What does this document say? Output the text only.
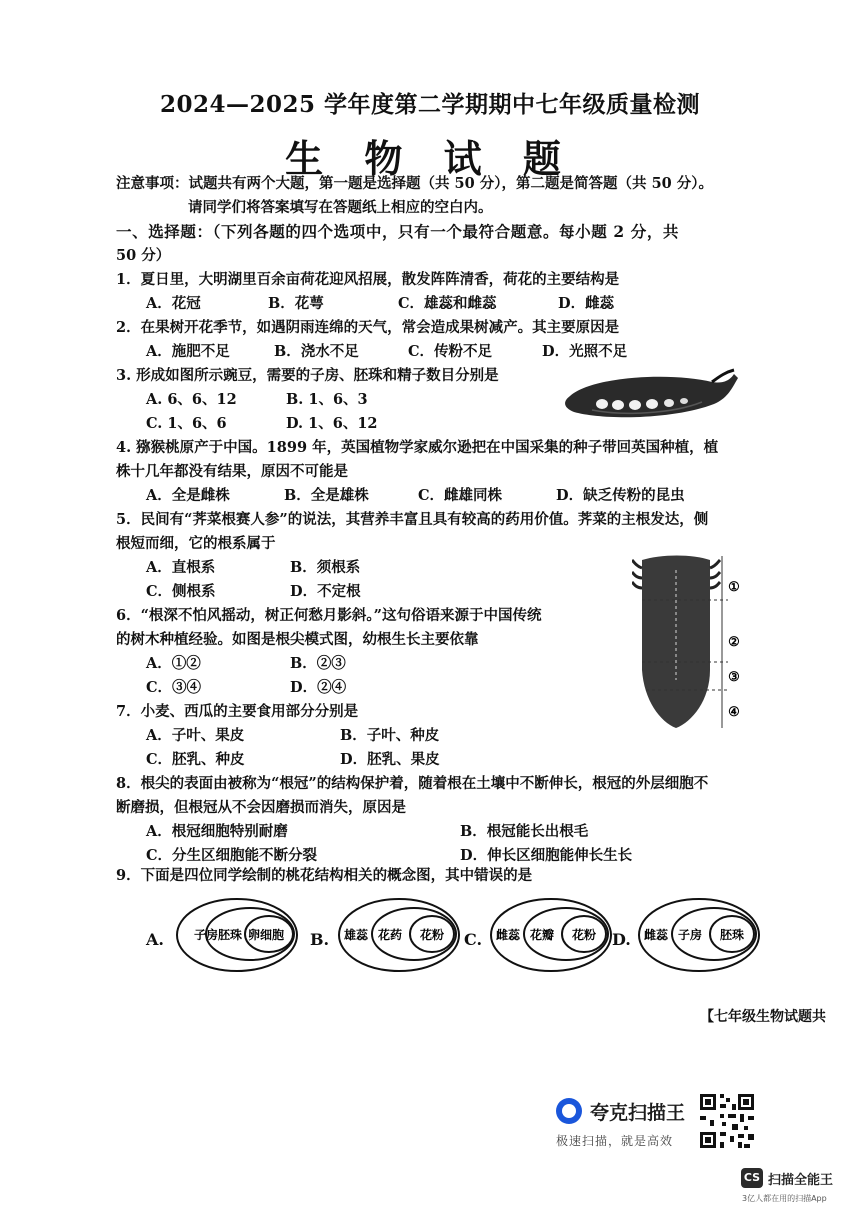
2024—2025 学年度第二学期期中七年级质量检测
生 物 试 题
注意事项：试题共有两个大题，第一题是选择题（共 50 分），第二题是简答题（共 50 分）。
请同学们将答案填写在答题纸上相应的空白内。
一、选择题：（下列各题的四个选项中，只有一个最符合题意。每小题 2 分，共
50 分）
1．夏日里，大明湖里百余亩荷花迎风招展，散发阵阵清香，荷花的主要结构是
A．花冠	B．花萼	C．雄蕊和雌蕊	D．雌蕊
2．在果树开花季节，如遇阴雨连绵的天气，常会造成果树减产。其主要原因是
A．施肥不足	B．浇水不足	C．传粉不足	D．光照不足
3. 形成如图所示豌豆，需要的子房、胚珠和精子数目分别是
A. 6、6、12	B. 1、6、3
C. 1、6、6	D. 1、6、12
4. 猕猴桃原产于中国。1899 年，英国植物学家威尔逊把在中国采集的种子带回英国种植，植
株十几年都没有结果，原因不可能是
A．全是雌株	B．全是雄株	C．雌雄同株	D．缺乏传粉的昆虫
5．民间有“荠菜根赛人参”的说法，其营养丰富且具有较高的药用价值。荠菜的主根发达，侧
根短而细，它的根系属于
A．直根系	B．须根系
C．侧根系	D．不定根	①
②
③
④
6．“根深不怕风摇动，树正何愁月影斜。”这句俗语来源于中国传统
的树木种植经验。如图是根尖模式图，幼根生长主要依靠
A．①②	B．②③
C．③④	D．②④
7．小麦、西瓜的主要食用部分分别是
A．子叶、果皮	B．子叶、种皮
C．胚乳、种皮	D．胚乳、果皮
8．根尖的表面由被称为“根冠”的结构保护着，随着根在土壤中不断伸长，根冠的外层细胞不
断磨损，但根冠从不会因磨损而消失，原因是
A．根冠细胞特别耐磨	B．根冠能长出根毛
C．分生区细胞能不断分裂	D．伸长区细胞能伸长生长
9．下面是四位同学绘制的桃花结构相关的概念图，其中错误的是
A.	子房 胚珠 卵细胞 B. 雄蕊 花药 花粉 C. 雌蕊 花瓣 花粉 D. 雌蕊 子房 胚珠
【七年级生物试题共
夸克扫描王
极速扫描，就是高效
CS 扫描全能王
3亿人都在用的扫描App
